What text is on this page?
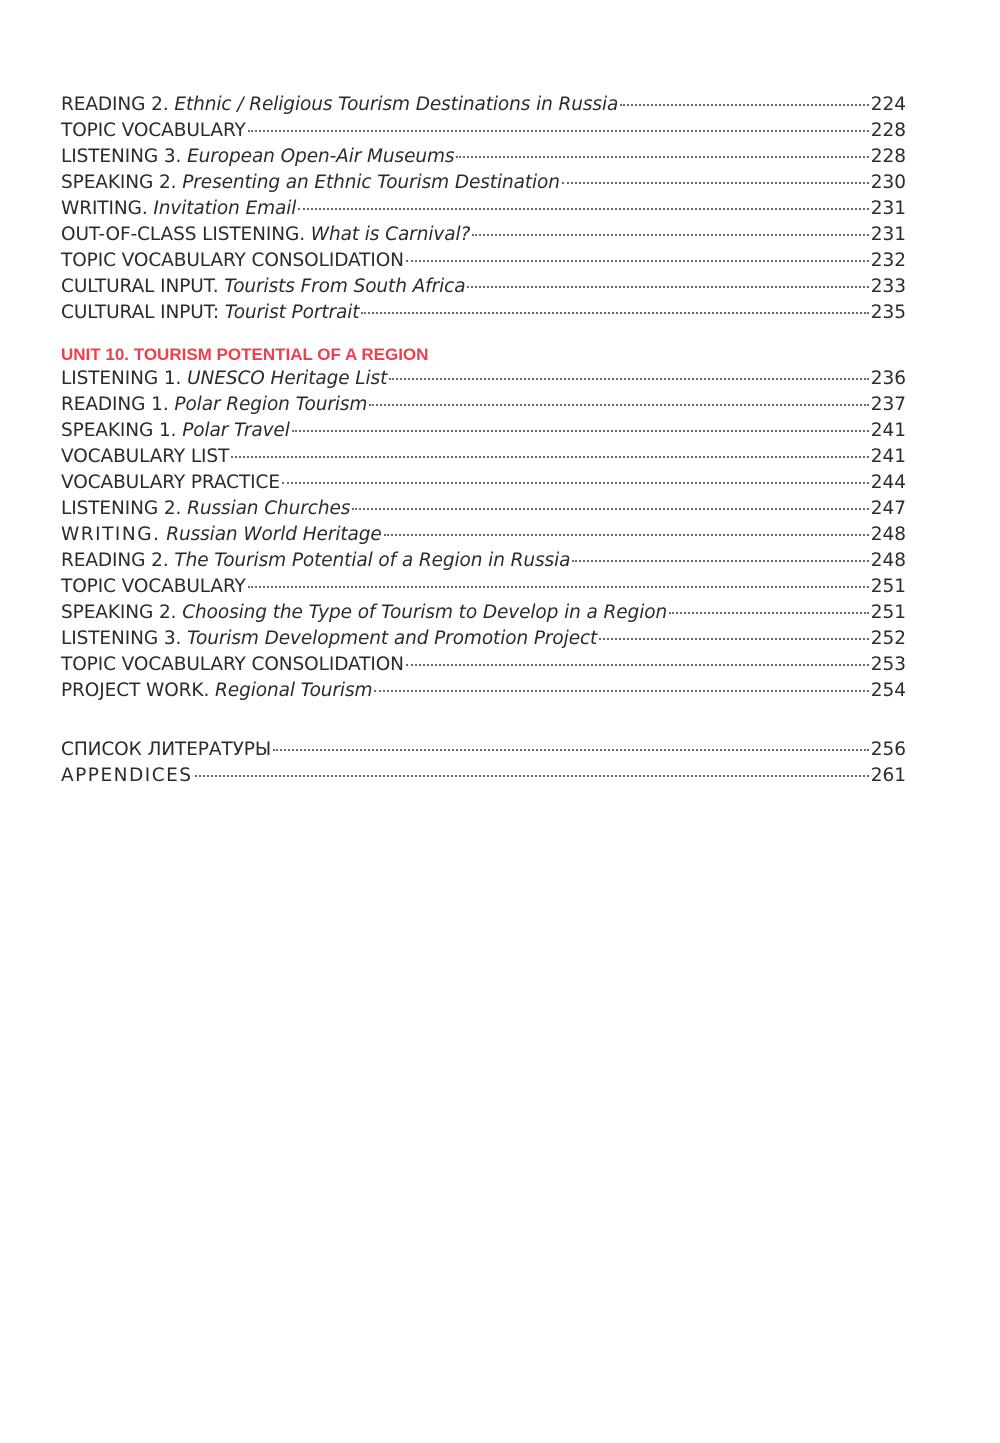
READING 2. Ethnic / Religious Tourism Destinations in Russia	224
TOPIC VOCABULARY	228
LISTENING 3. European Open-Air Museums	228
SPEAKING 2. Presenting an Ethnic Tourism Destination	230
WRITING. Invitation Email	231
OUT-OF-CLASS LISTENING. What is Carnival?	231
TOPIC VOCABULARY CONSOLIDATION	232
CULTURAL INPUT. Tourists From South Africa	233
CULTURAL INPUT: Tourist Portrait	235
UNIT 10. TOURISM POTENTIAL OF A REGION
LISTENING 1. UNESCO Heritage List	236
READING 1. Polar Region Tourism	237
SPEAKING 1. Polar Travel	241
VOCABULARY LIST	241
VOCABULARY PRACTICE	244
LISTENING 2. Russian Churches	247
WRITING. Russian World Heritage	248
READING 2. The Tourism Potential of a Region in Russia	248
TOPIC VOCABULARY	251
SPEAKING 2. Choosing the Type of Tourism to Develop in a Region	251
LISTENING 3. Tourism Development and Promotion Project	252
TOPIC VOCABULARY CONSOLIDATION	253
PROJECT WORK. Regional Tourism	254
СПИСОК ЛИТЕРАТУРЫ	256
APPENDICES	261
